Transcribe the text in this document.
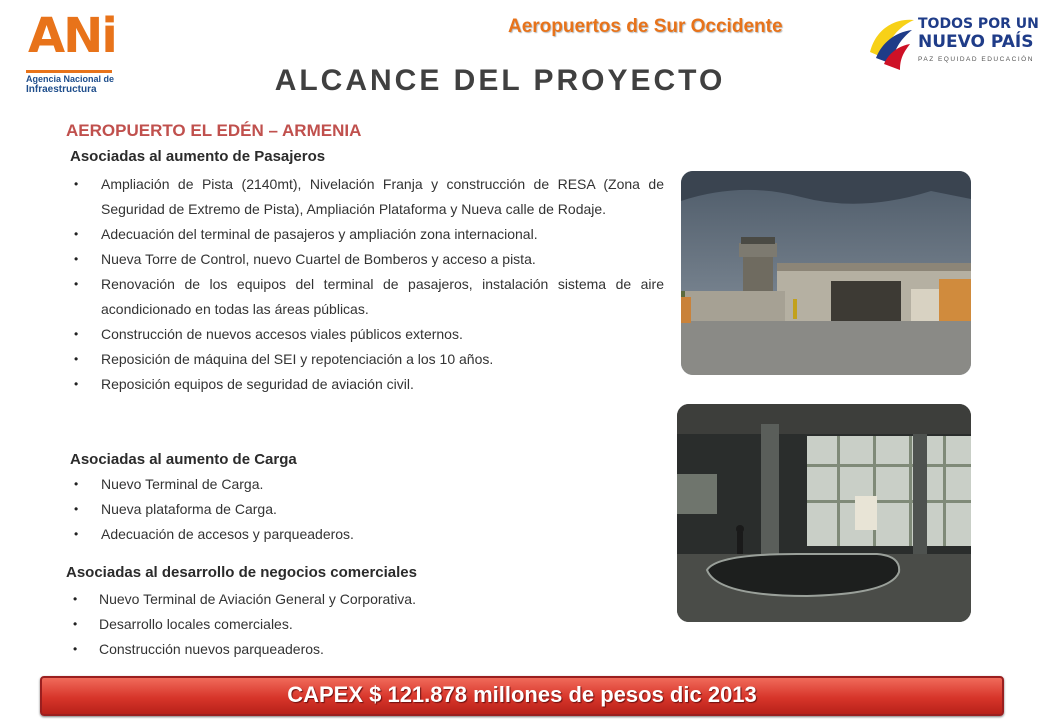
ANi
Agencia Nacional de
Infraestructura
Aeropuertos de Sur Occidente	TODOS POR UN
NUEVO PAÍS
PAZ EQUIDAD EDUCACIÓN
ALCANCE DEL PROYECTO
AEROPUERTO EL EDÉN – ARMENIA
Asociadas al aumento de Pasajeros
• Ampliación de Pista (2140mt), Nivelación Franja y construcción de RESA (Zona de Seguridad de Extremo de Pista), Ampliación Plataforma y Nueva calle de Rodaje.
• Adecuación del terminal de pasajeros y ampliación zona internacional.
• Nueva Torre de Control, nuevo Cuartel de Bomberos y acceso a pista.
• Renovación de los equipos del terminal de pasajeros, instalación sistema de aire acondicionado en todas las áreas públicas.
• Construcción de nuevos accesos viales públicos externos.
• Reposición de máquina del SEI y repotenciación a los 10 años.
• Reposición equipos de seguridad de aviación civil.
Asociadas al aumento de Carga
• Nuevo Terminal de Carga.
• Nueva plataforma de Carga.
• Adecuación de accesos y parqueaderos.
Asociadas al desarrollo de negocios comerciales
• Nuevo Terminal de Aviación General y Corporativa.
• Desarrollo locales comerciales.
• Construcción nuevos parqueaderos.
CAPEX $ 121.878 millones de pesos dic 2013
